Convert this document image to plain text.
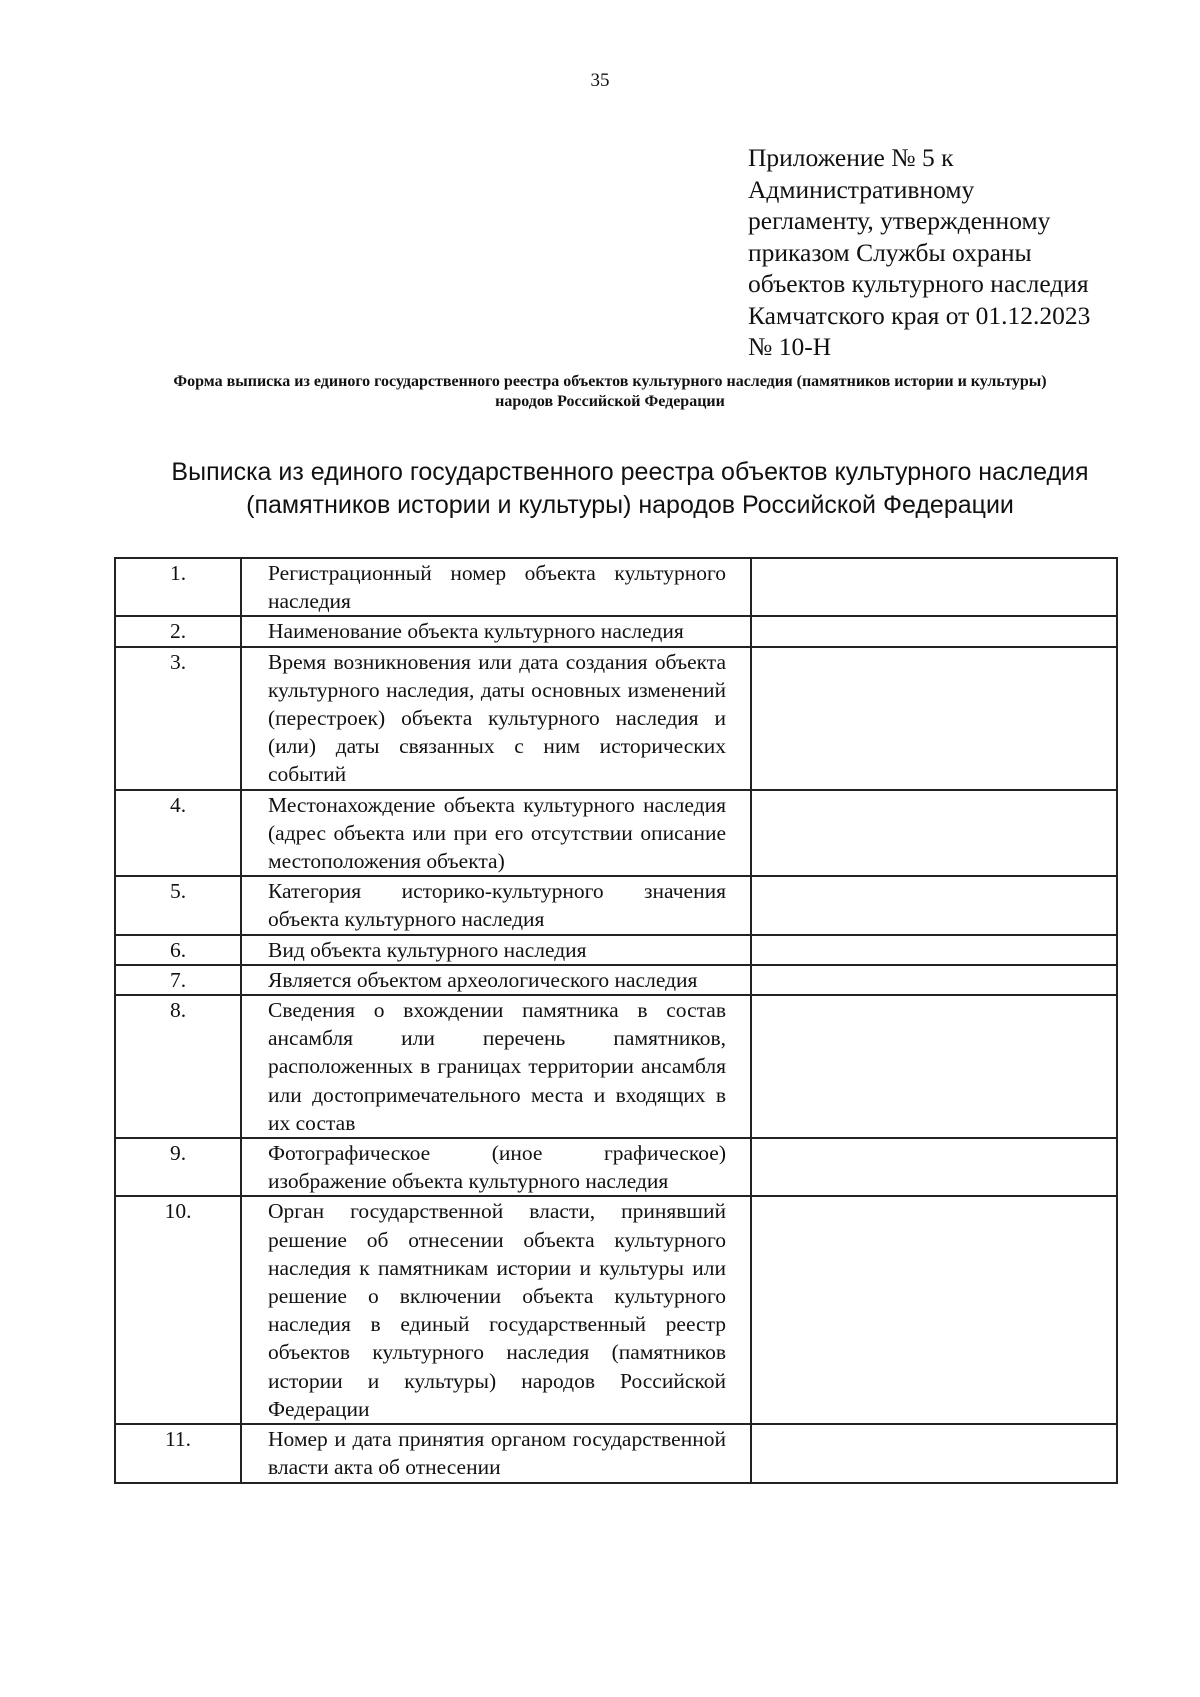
35
Приложение № 5 к
Административному
регламенту, утвержденному
приказом Службы охраны
объектов культурного наследия
Камчатского края от 01.12.2023
№ 10-Н
Форма выписка из единого государственного реестра объектов культурного наследия (памятников истории и культуры) народов Российской Федерации
Выписка из единого государственного реестра объектов культурного наследия
(памятников истории и культуры) народов Российской Федерации
1.	Регистрационный номер объекта культурного наследия	
2.	Наименование объекта культурного наследия	
3.	Время возникновения или дата создания объекта культурного наследия, даты основных изменений (перестроек) объекта культурного наследия и (или) даты связанных с ним исторических событий	
4.	Местонахождение объекта культурного наследия (адрес объекта или при его отсутствии описание местоположения объекта)	
5.	Категория историко-культурного значения объекта культурного наследия	
6.	Вид объекта культурного наследия	
7.	Является объектом археологического наследия	
8.	Сведения о вхождении памятника в состав ансамбля или перечень памятников, расположенных в границах территории ансамбля или достопримечательного места и входящих в их состав	
9.	Фотографическое (иное графическое) изображение объекта культурного наследия	
10.	Орган государственной власти, принявший решение об отнесении объекта культурного наследия к памятникам истории и культуры или решение о включении объекта культурного наследия в единый государственный реестр объектов культурного наследия (памятников истории и культуры) народов Российской Федерации	
11.	Номер и дата принятия органом государственной власти акта об отнесении	
